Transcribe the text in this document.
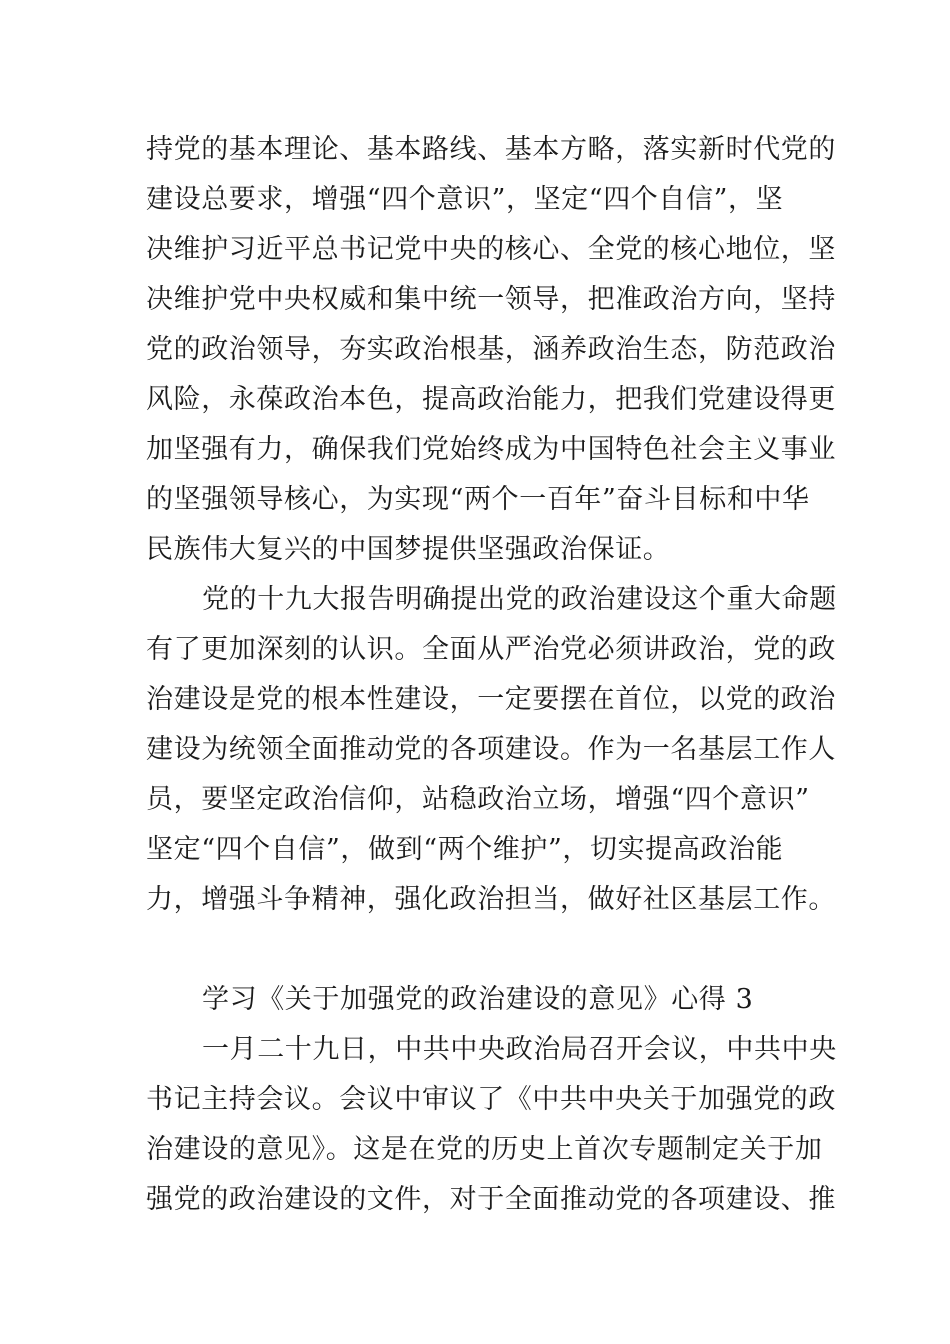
持党的基本理论、基本路线、基本方略，落实新时代党的
建设总要求，增强“四个意识”，坚定“四个自信”，坚
决维护习近平总书记党中央的核心、全党的核心地位，坚
决维护党中央权威和集中统一领导，把准政治方向，坚持
党的政治领导，夯实政治根基，涵养政治生态，防范政治
风险，永葆政治本色，提高政治能力，把我们党建设得更
加坚强有力，确保我们党始终成为中国特色社会主义事业
的坚强领导核心，为实现“两个一百年”奋斗目标和中华
民族伟大复兴的中国梦提供坚强政治保证。
党的十九大报告明确提出党的政治建设这个重大命题
有了更加深刻的认识。全面从严治党必须讲政治，党的政
治建设是党的根本性建设，一定要摆在首位，以党的政治
建设为统领全面推动党的各项建设。作为一名基层工作人
员，要坚定政治信仰，站稳政治立场，增强“四个意识”
坚定“四个自信”，做到“两个维护”，切实提高政治能
力，增强斗争精神，强化政治担当，做好社区基层工作。
学习《关于加强党的政治建设的意见》心得 3
一月二十九日，中共中央政治局召开会议，中共中央
书记主持会议。会议中审议了《中共中央关于加强党的政
治建设的意见》。这是在党的历史上首次专题制定关于加
强党的政治建设的文件，对于全面推动党的各项建设、推
